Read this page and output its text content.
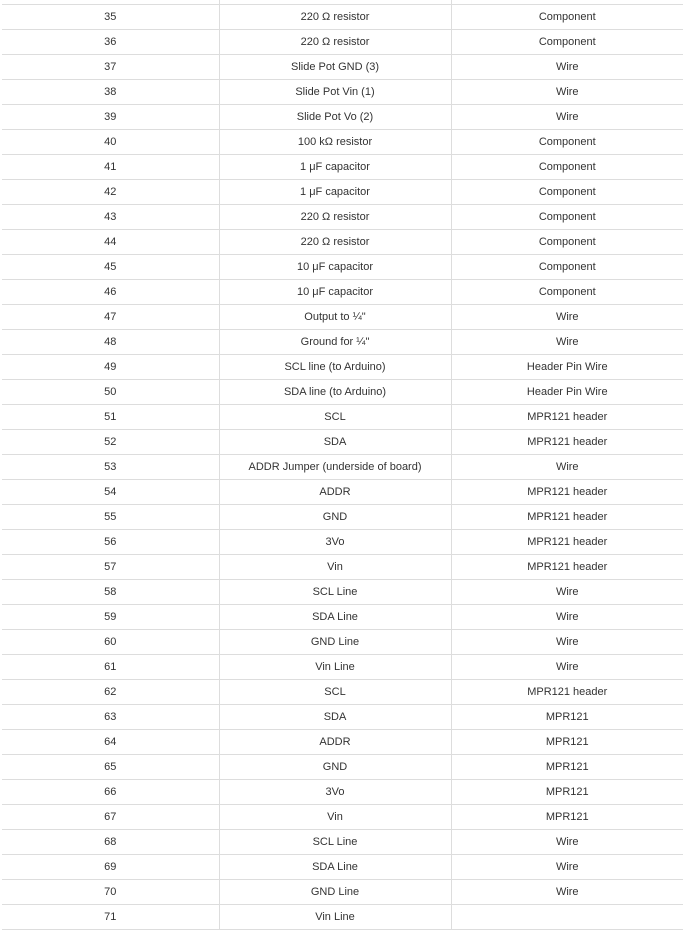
35	220 Ω resistor	Component
36	220 Ω resistor	Component
37	Slide Pot GND (3)	Wire
38	Slide Pot Vin (1)	Wire
39	Slide Pot Vo (2)	Wire
40	100 kΩ resistor	Component
41	1 μF capacitor	Component
42	1 μF capacitor	Component
43	220 Ω resistor	Component
44	220 Ω resistor	Component
45	10 μF capacitor	Component
46	10 μF capacitor	Component
47	Output to ¼"	Wire
48	Ground for ¼"	Wire
49	SCL line (to Arduino)	Header Pin Wire
50	SDA line (to Arduino)	Header Pin Wire
51	SCL	MPR121 header
52	SDA	MPR121 header
53	ADDR Jumper (underside of board)	Wire
54	ADDR	MPR121 header
55	GND	MPR121 header
56	3Vo	MPR121 header
57	Vin	MPR121 header
58	SCL Line	Wire
59	SDA Line	Wire
60	GND Line	Wire
61	Vin Line	Wire
62	SCL	MPR121 header
63	SDA	MPR121
64	ADDR	MPR121
65	GND	MPR121
66	3Vo	MPR121
67	Vin	MPR121
68	SCL Line	Wire
69	SDA Line	Wire
70	GND Line	Wire
71	Vin Line	
